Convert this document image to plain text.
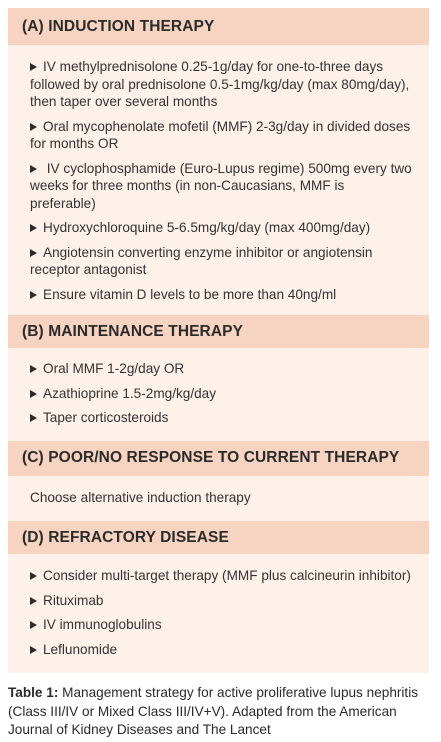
(A) INDUCTION THERAPY
IV methylprednisolone 0.25-1g/day for one-to-three days followed by oral prednisolone 0.5-1mg/kg/day (max 80mg/day), then taper over several months
Oral mycophenolate mofetil (MMF) 2-3g/day in divided doses for months OR
IV cyclophosphamide (Euro-Lupus regime) 500mg every two weeks for three months (in non-Caucasians, MMF is preferable)
Hydroxychloroquine 5-6.5mg/kg/day (max 400mg/day)
Angiotensin converting enzyme inhibitor or angiotensin receptor antagonist
Ensure vitamin D levels to be more than 40ng/ml
(B) MAINTENANCE THERAPY
Oral MMF 1-2g/day OR
Azathioprine 1.5-2mg/kg/day
Taper corticosteroids
(C) POOR/NO RESPONSE TO CURRENT THERAPY
Choose alternative induction therapy
(D) REFRACTORY DISEASE
Consider multi-target therapy (MMF plus calcineurin inhibitor)
Rituximab
IV immunoglobulins
Leflunomide
Table 1: Management strategy for active proliferative lupus nephritis (Class III/IV or Mixed Class III/IV+V). Adapted from the American Journal of Kidney Diseases and The Lancet
